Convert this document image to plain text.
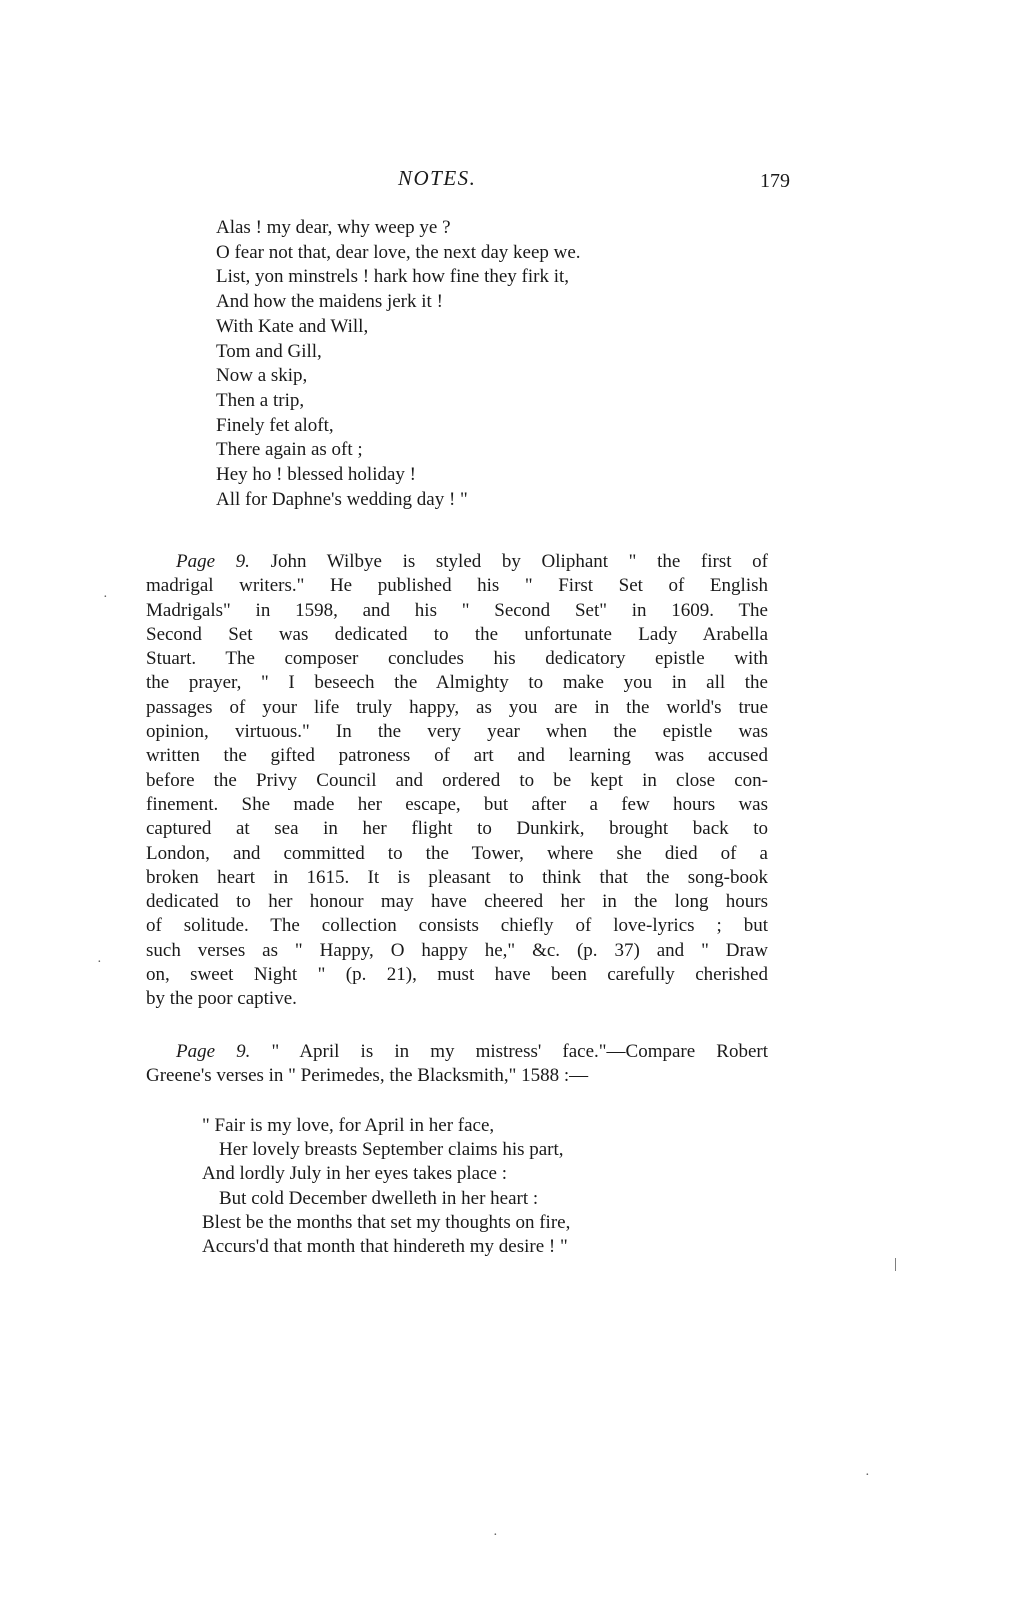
NOTES.	179
Alas ! my dear, why weep ye ?
O fear not that, dear love, the next day keep we.
List, yon minstrels ! hark how fine they firk it,
And how the maidens jerk it !
With Kate and Will,
Tom and Gill,
Now a skip,
Then a trip,
Finely fet aloft,
There again as oft ;
Hey ho ! blessed holiday !
All for Daphne's wedding day ! "
Page 9. John Wilbye is styled by Oliphant " the first of
madrigal writers." He published his " First Set of English
Madrigals" in 1598, and his " Second Set" in 1609. The
Second Set was dedicated to the unfortunate Lady Arabella
Stuart. The composer concludes his dedicatory epistle with
the prayer, " I beseech the Almighty to make you in all the
passages of your life truly happy, as you are in the world's true
opinion, virtuous." In the very year when the epistle was
written the gifted patroness of art and learning was accused
before the Privy Council and ordered to be kept in close con-
finement. She made her escape, but after a few hours was
captured at sea in her flight to Dunkirk, brought back to
London, and committed to the Tower, where she died of a
broken heart in 1615. It is pleasant to think that the song-book
dedicated to her honour may have cheered her in the long hours
of solitude. The collection consists chiefly of love-lyrics ; but
such verses as " Happy, O happy he," &c. (p. 37) and " Draw
on, sweet Night " (p. 21), must have been carefully cherished
by the poor captive.
Page 9. " April is in my mistress' face."—Compare Robert
Greene's verses in " Perimedes, the Blacksmith," 1588 :—
" Fair is my love, for April in her face,
Her lovely breasts September claims his part,
And lordly July in her eyes takes place :
But cold December dwelleth in her heart :
Blest be the months that set my thoughts on fire,
Accurs'd that month that hindereth my desire ! "
·
·
|
·
·
